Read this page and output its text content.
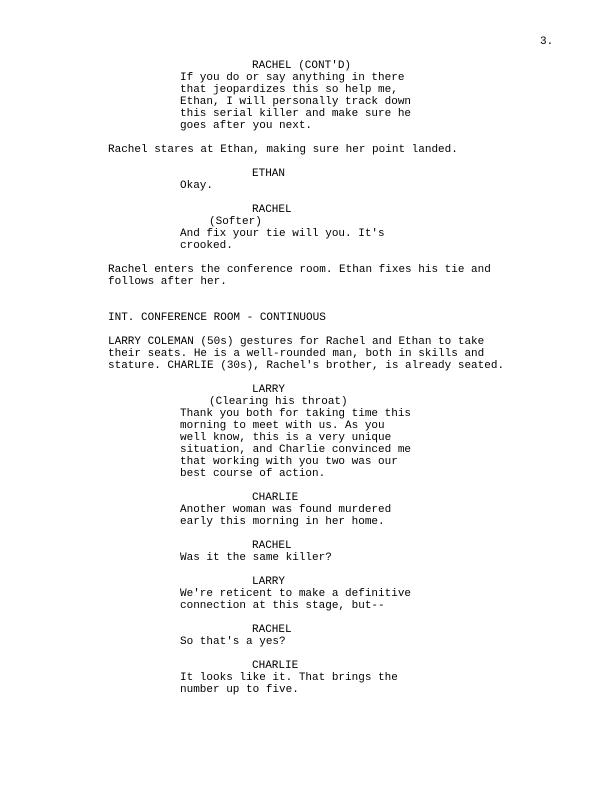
3.
RACHEL (CONT'D)
If you do or say anything in there
that jeopardizes this so help me,
Ethan, I will personally track down
this serial killer and make sure he
goes after you next.
Rachel stares at Ethan, making sure her point landed.
ETHAN
Okay.
RACHEL
(Softer)
And fix your tie will you. It's
crooked.
Rachel enters the conference room. Ethan fixes his tie and
follows after her.
INT. CONFERENCE ROOM - CONTINUOUS
LARRY COLEMAN (50s) gestures for Rachel and Ethan to take
their seats. He is a well-rounded man, both in skills and
stature. CHARLIE (30s), Rachel's brother, is already seated.
LARRY
(Clearing his throat)
Thank you both for taking time this
morning to meet with us. As you
well know, this is a very unique
situation, and Charlie convinced me
that working with you two was our
best course of action.
CHARLIE
Another woman was found murdered
early this morning in her home.
RACHEL
Was it the same killer?
LARRY
We're reticent to make a definitive
connection at this stage, but--
RACHEL
So that's a yes?
CHARLIE
It looks like it. That brings the
number up to five.
